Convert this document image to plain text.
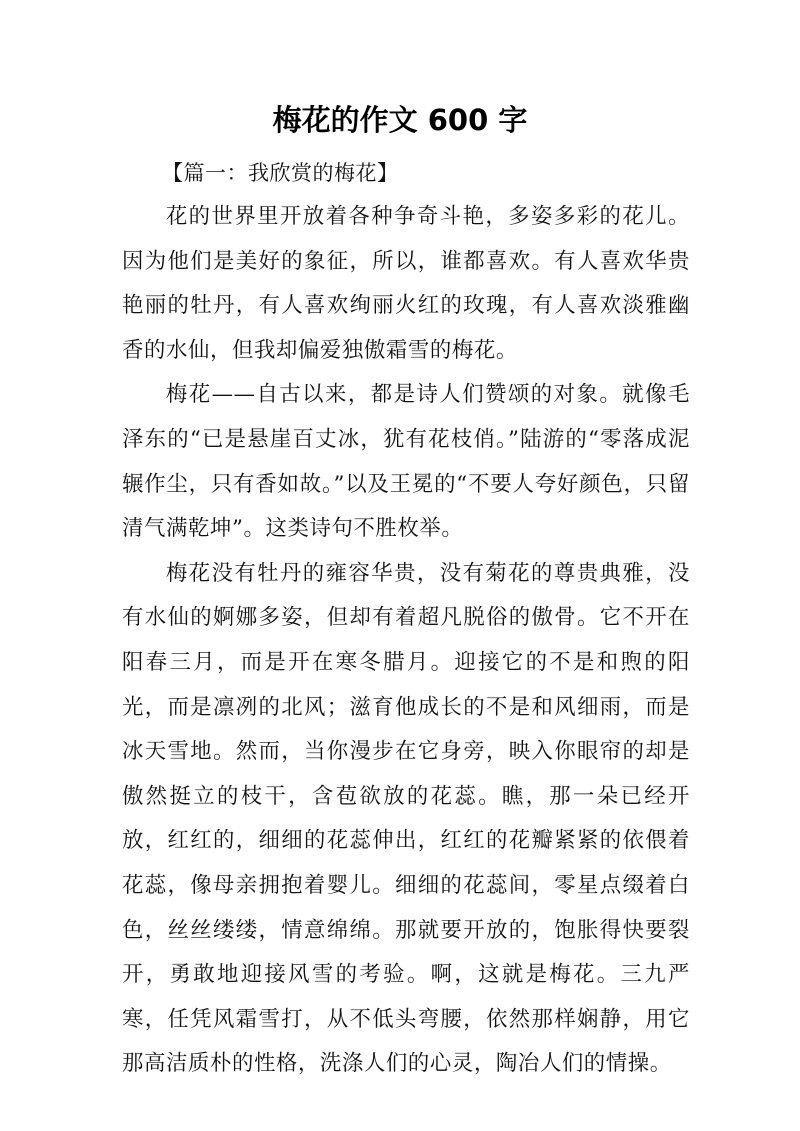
梅花的作文 600 字

【篇一：我欣赏的梅花】

花的世界里开放着各种争奇斗艳，多姿多彩的花儿。因为他们是美好的象征，所以，谁都喜欢。有人喜欢华贵艳丽的牡丹，有人喜欢绚丽火红的玫瑰，有人喜欢淡雅幽香的水仙，但我却偏爱独傲霜雪的梅花。

梅花——自古以来，都是诗人们赞颂的对象。就像毛泽东的“已是悬崖百丈冰，犹有花枝俏。”陆游的“零落成泥辗作尘，只有香如故。”以及王冕的“不要人夸好颜色，只留清气满乾坤”。这类诗句不胜枚举。

梅花没有牡丹的雍容华贵，没有菊花的尊贵典雅，没有水仙的婀娜多姿，但却有着超凡脱俗的傲骨。它不开在阳春三月，而是开在寒冬腊月。迎接它的不是和煦的阳光，而是凛冽的北风；滋育他成长的不是和风细雨，而是冰天雪地。然而，当你漫步在它身旁，映入你眼帘的却是傲然挺立的枝干，含苞欲放的花蕊。瞧，那一朵已经开放，红红的，细细的花蕊伸出，红红的花瓣紧紧的依偎着花蕊，像母亲拥抱着婴儿。细细的花蕊间，零星点缀着白色，丝丝缕缕，情意绵绵。那就要开放的，饱胀得快要裂开，勇敢地迎接风雪的考验。啊，这就是梅花。三九严寒，任凭风霜雪打，从不低头弯腰，依然那样娴静，用它那高洁质朴的性格，洗涤人们的心灵，陶冶人们的情操。
